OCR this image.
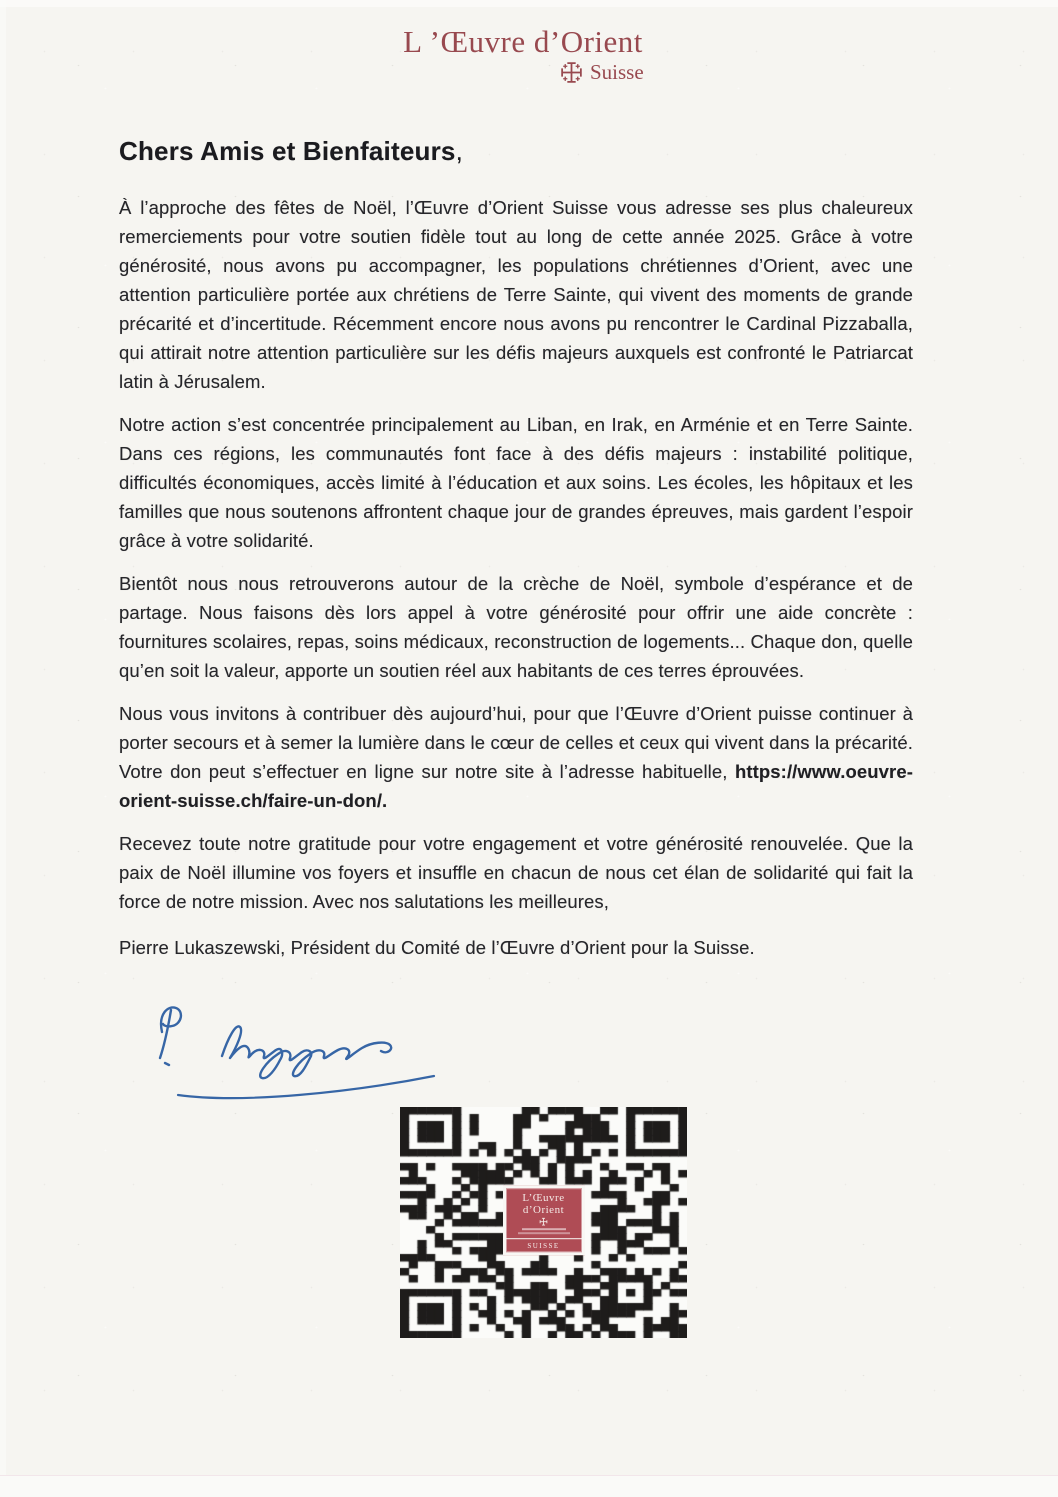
L ’Œuvre d’Orient
Suisse
Chers Amis et Bienfaiteurs,

À l’approche des fêtes de Noël, l’Œuvre d’Orient Suisse vous adresse ses plus chaleureux remerciements pour votre soutien fidèle tout au long de cette année 2025. Grâce à votre générosité, nous avons pu accompagner, les populations chrétiennes d’Orient, avec une attention particulière portée aux chrétiens de Terre Sainte, qui vivent des moments de grande précarité et d’incertitude. Récemment encore nous avons pu rencontrer le Cardinal Pizzaballa, qui attirait notre attention particulière sur les défis majeurs auxquels est confronté le Patriarcat latin à Jérusalem.

Notre action s’est concentrée principalement au Liban, en Irak, en Arménie et en Terre Sainte. Dans ces régions, les communautés font face à des défis majeurs : instabilité politique, difficultés économiques, accès limité à l’éducation et aux soins. Les écoles, les hôpitaux et les familles que nous soutenons affrontent chaque jour de grandes épreuves, mais gardent l’espoir grâce à votre solidarité.

Bientôt nous nous retrouverons autour de la crèche de Noël, symbole d’espérance et de partage. Nous faisons dès lors appel à votre générosité pour offrir une aide concrète : fournitures scolaires, repas, soins médicaux, reconstruction de logements... Chaque don, quelle qu’en soit la valeur, apporte un soutien réel aux habitants de ces terres éprouvées.

Nous vous invitons à contribuer dès aujourd’hui, pour que l’Œuvre d’Orient puisse continuer à porter secours et à semer la lumière dans le cœur de celles et ceux qui vivent dans la précarité. Votre don peut s’effectuer en ligne sur notre site à l’adresse habituelle, https://www.oeuvre-orient-suisse.ch/faire-un-don/.

Recevez toute notre gratitude pour votre engagement et votre générosité renouvelée. Que la paix de Noël illumine vos foyers et insuffle en chacun de nous cet élan de solidarité qui fait la force de notre mission. Avec nos salutations les meilleures,

Pierre Lukaszewski, Président du Comité de l’Œuvre d’Orient pour la Suisse.

L’Œuvre
d’Orient
SUISSE
